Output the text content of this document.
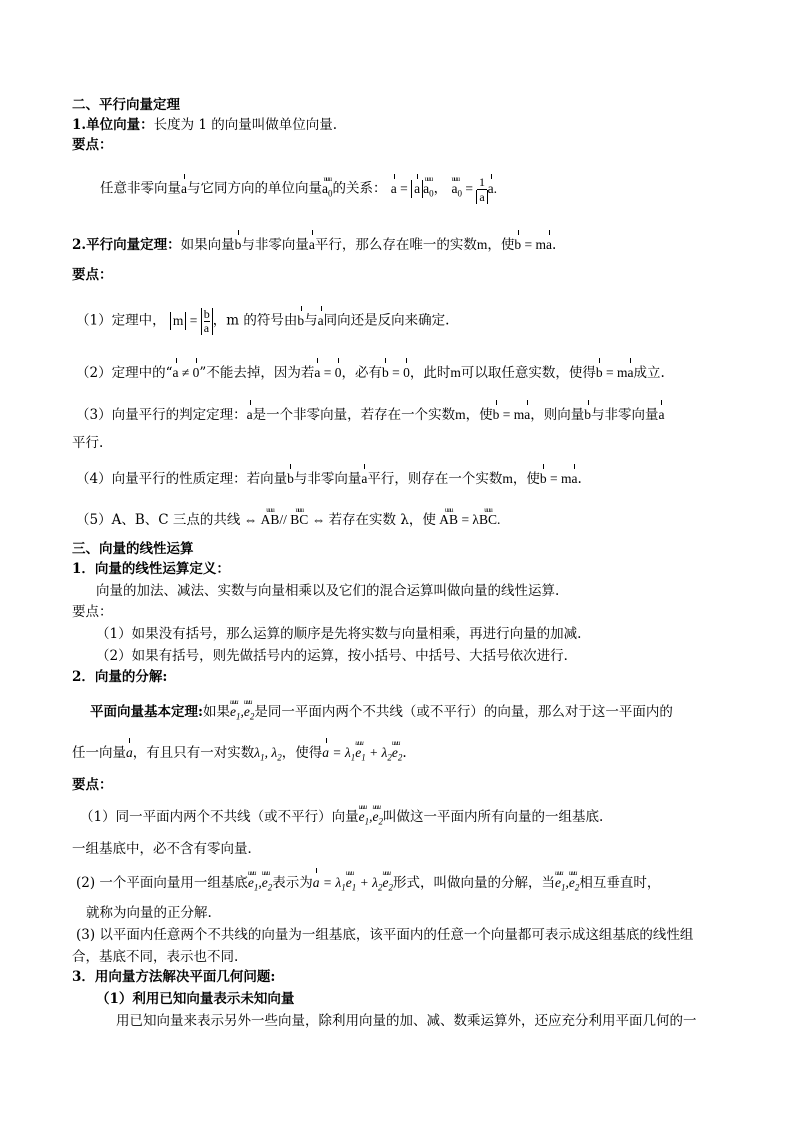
二、平行向量定理
1.单位向量：长度为 1 的向量叫做单位向量.
要点：
任意非零向量a与它同方向的单位向量uuu $a_0$的关系： a = a uuu $a_0$， uuu $a_0 = \frac{1}{a} a$.
2.平行向量定理：如果向量b与非零向量a平行，那么存在唯一的实数m，使b = ma.
要点：
（1）定理中， $m = \frac{b}{a}$ ，m 的符号由b与a同向还是反向来确定.
（2）定理中的“a ≠ 0”不能去掉，因为若a = 0，必有b = 0，此时m可以取任意实数，使得b = ma成立.
（3）向量平行的判定定理：a是一个非零向量，若存在一个实数m，使b = ma，则向量b与非零向量a
平行.
（4）向量平行的性质定理：若向量b与非零向量a平行，则存在一个实数m，使b = ma.
（5）A、B、C 三点的共线 ⇔ uuu AB// uuu BC ⇔ 若存在实数 λ，使 uuu AB = λuuu BC.
三、向量的线性运算
1．向量的线性运算定义：
向量的加法、减法、实数与向量相乘以及它们的混合运算叫做向量的线性运算.
要点：
（1）如果没有括号，那么运算的顺序是先将实数与向量相乘，再进行向量的加减.
（2）如果有括号，则先做括号内的运算，按小括号、中括号、大括号依次进行．
2．向量的分解:
平面向量基本定理:如果uuu $e_1,uuu$ $e_2$是同一平面内两个不共线（或不平行）的向量，那么对于这一平面内的
任一向量a，有且只有一对实数$\lambda_1$, $\lambda_2$，使得$a = \lambda_1uuu$ $e_1 + \lambda_2uuu$ $e_2$.
要点：
（1）同一平面内两个不共线（或不平行）向量uuu $e_1,uuu$ $e_2$叫做这一平面内所有向量的一组基底.
一组基底中，必不含有零向量．
(2) 一个平面向量用一组基底uuu $e_1,uuu$ $e_2$表示为$a = \lambda_1uuu$ $e_1 + \lambda_2uuu$ $e_2$形式，叫做向量的分解，当uuu $e_1,uuu$ $e_2$相互垂直时，
就称为向量的正分解.
(3) 以平面内任意两个不共线的向量为一组基底，该平面内的任意一个向量都可表示成这组基底的线性组
合，基底不同，表示也不同.
3．用向量方法解决平面几何问题:
（1）利用已知向量表示未知向量
用已知向量来表示另外一些向量，除利用向量的加、减、数乘运算外，还应充分利用平面几何的一
